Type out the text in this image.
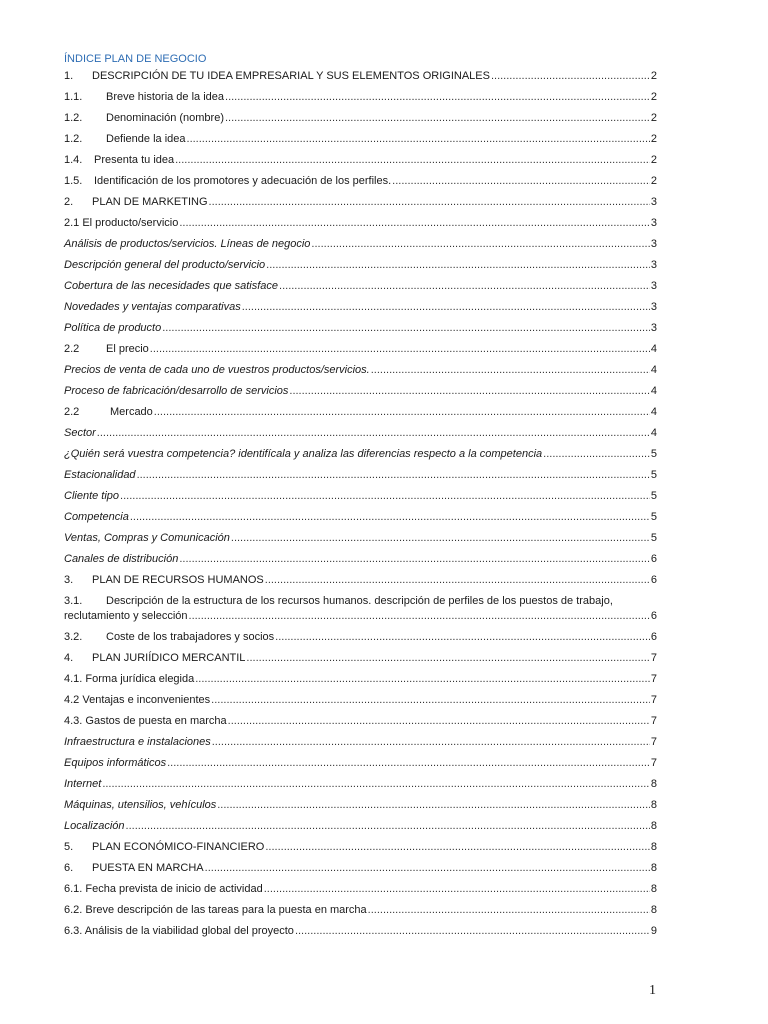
ÍNDICE PLAN DE NEGOCIO
1.	DESCRIPCIÓN DE TU IDEA EMPRESARIAL Y SUS ELEMENTOS ORIGINALES .....	2
1.1.	Breve historia de la idea .....	2
1.2.	Denominación (nombre) .....	2
1.2.	Defiende la idea .....	2
1.4.	Presenta tu idea .....	2
1.5.	Identificación de los promotores y adecuación de los perfiles. .....	2
2.	PLAN DE MARKETING .....	3
2.1 El producto/servicio .....	3
Análisis de productos/servicios. Líneas de negocio .....	3
Descripción general del producto/servicio .....	3
Cobertura de las necesidades que satisface .....	3
Novedades y ventajas comparativas .....	3
Política de producto .....	3
2.2	El precio .....	4
Precios de venta de cada uno de vuestros productos/servicios. .....	4
Proceso de fabricación/desarrollo de servicios .....	4
2.2	Mercado .....	4
Sector .....	4
¿Quién será vuestra competencia? identifícala y analiza las diferencias respecto a la competencia .....	5
Estacionalidad .....	5
Cliente tipo .....	5
Competencia .....	5
Ventas, Compras y Comunicación .....	5
Canales de distribución .....	6
3.	PLAN DE RECURSOS HUMANOS .....	6
3.1.	Descripción de la estructura de los recursos humanos. descripción de perfiles de los puestos de trabajo,
reclutamiento y selección .....	6
3.2.	Coste de los trabajadores y socios .....	6
4.	PLAN JURIÍDICO MERCANTIL .....	7
4.1. Forma jurídica elegida .....	7
4.2 Ventajas e inconvenientes .....	7
4.3. Gastos de puesta en marcha .....	7
Infraestructura e instalaciones .....	7
Equipos informáticos .....	7
Internet .....	8
Máquinas, utensilios, vehículos .....	8
Localización .....	8
5.	PLAN ECONÓMICO-FINANCIERO .....	8
6.	PUESTA EN MARCHA .....	8
6.1. Fecha prevista de inicio de actividad .....	8
6.2. Breve descripción de las tareas para la puesta en marcha .....	8
6.3. Análisis de la viabilidad global del proyecto .....	9
1
